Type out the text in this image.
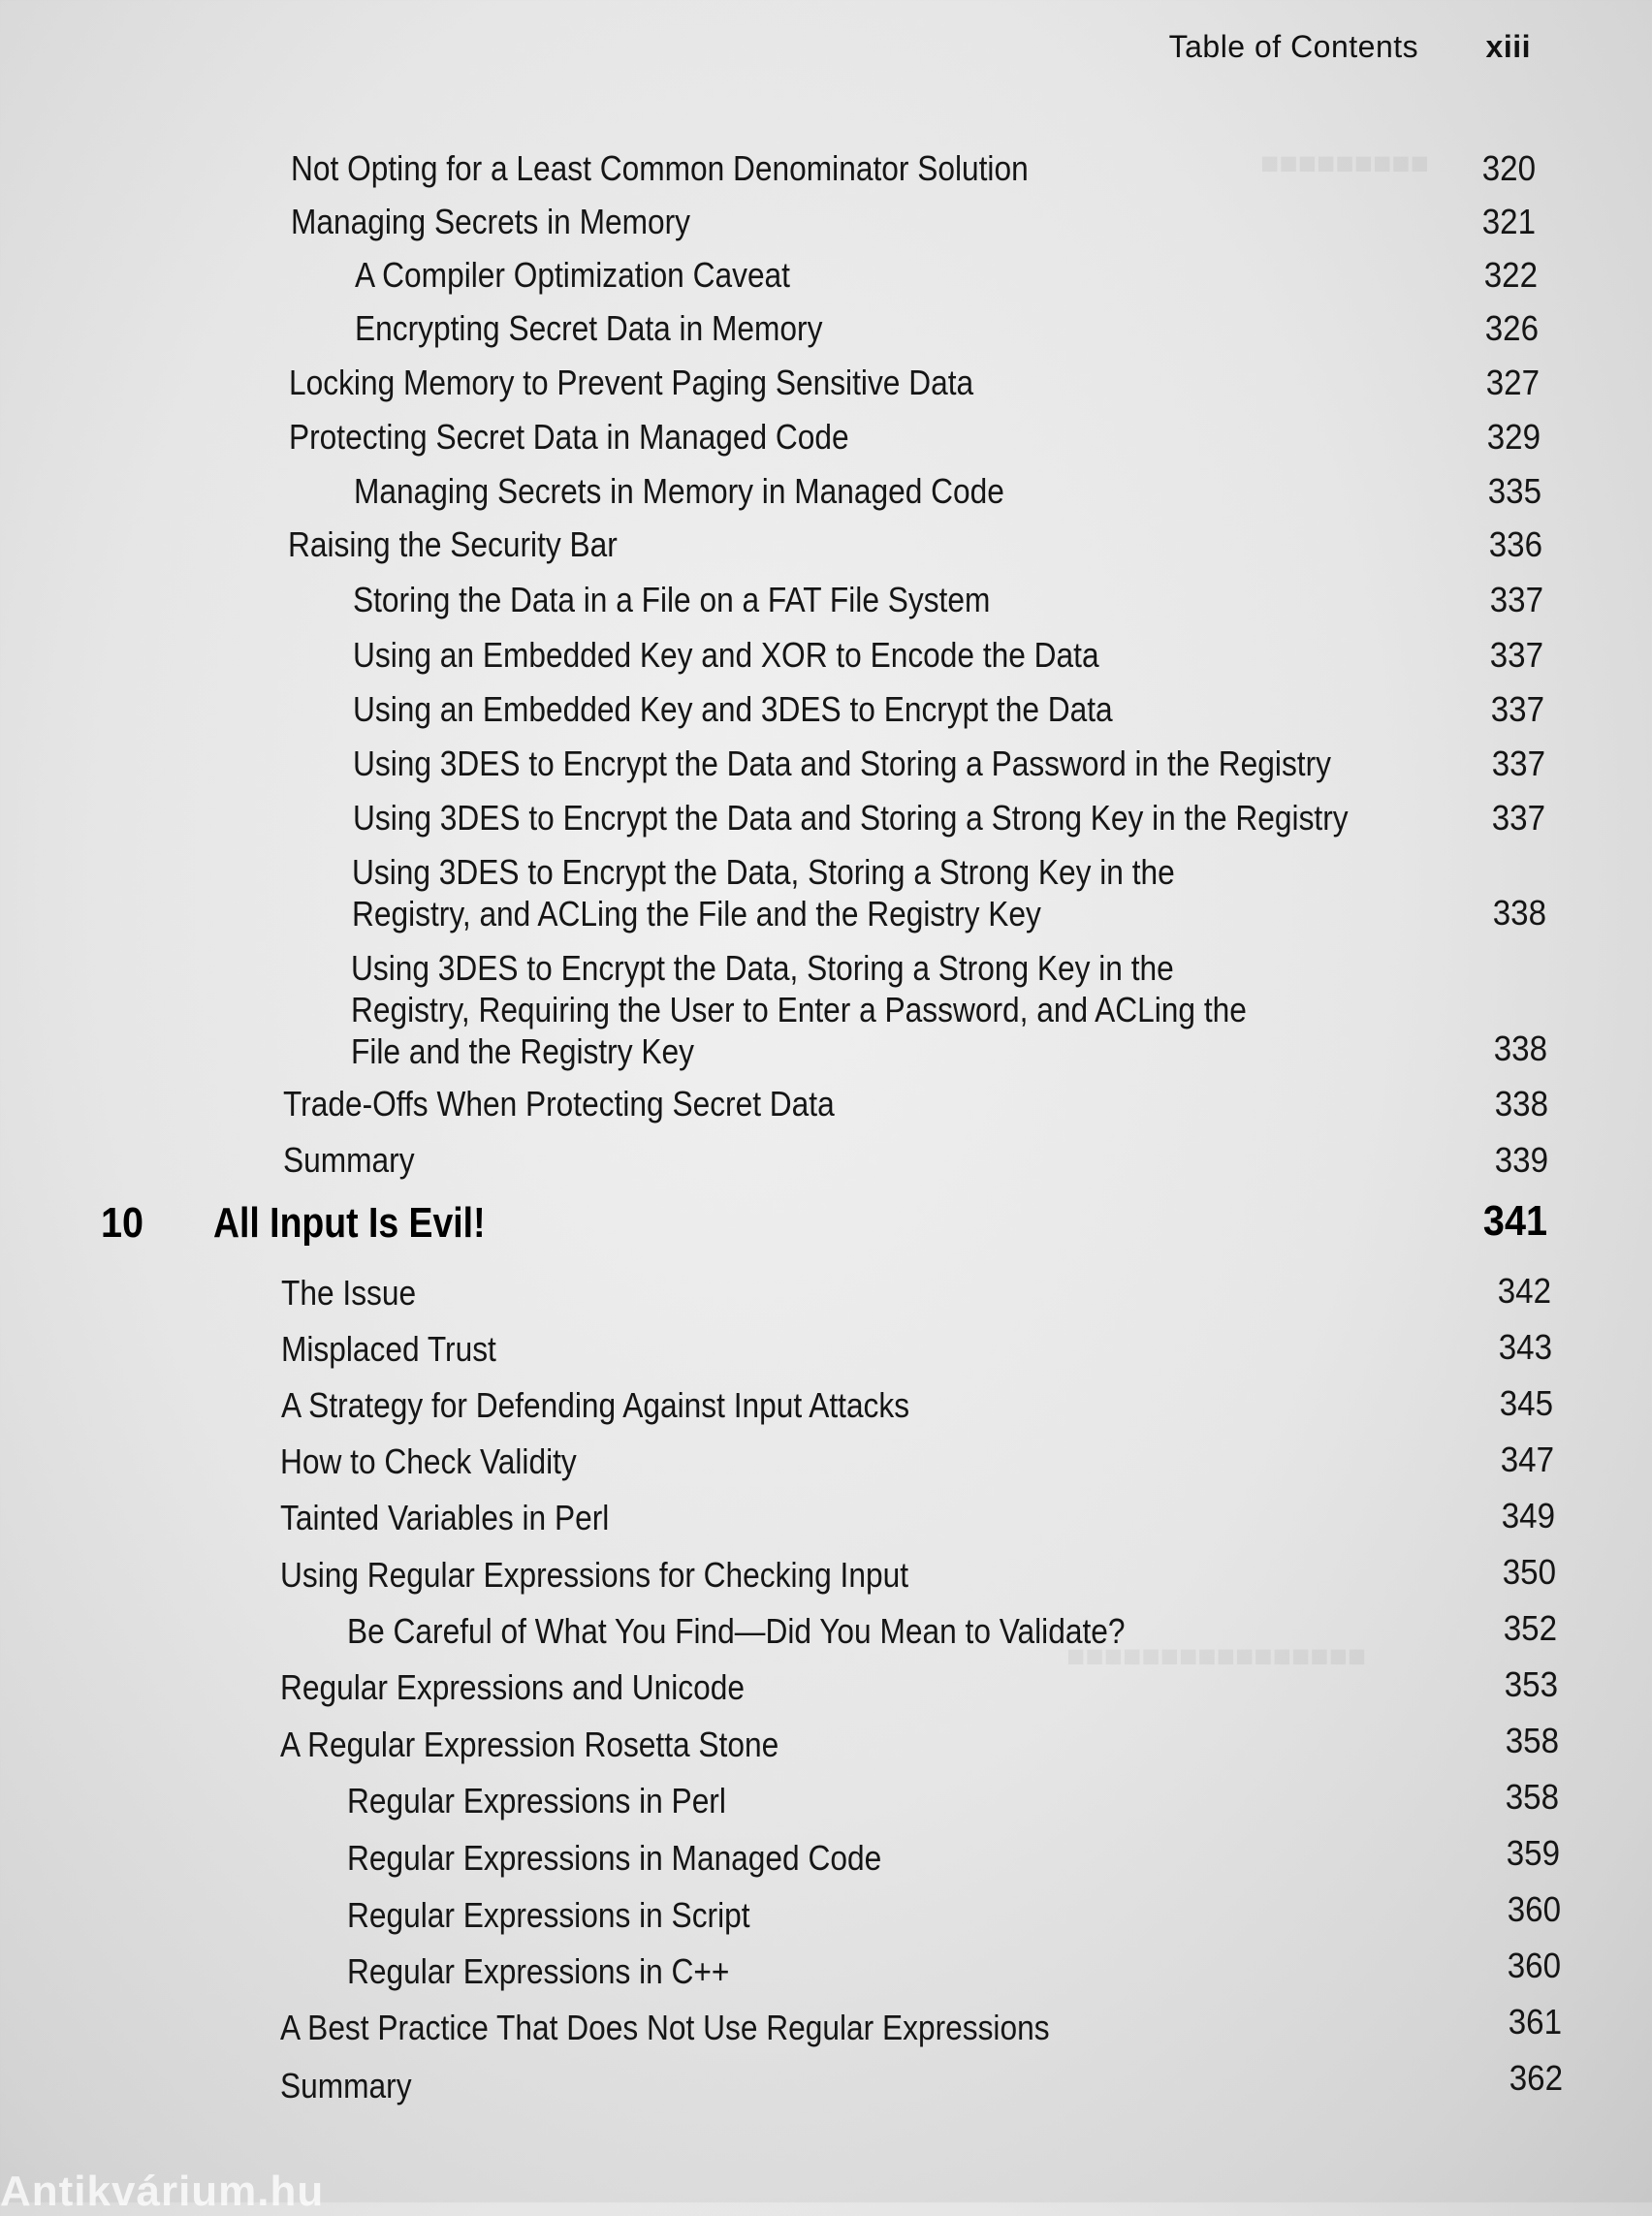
■■■■■■■■■
■■■■■■■■■■■■■■■■
Table of Contents xiii
Not Opting for a Least Common Denominator Solution	320
Managing Secrets in Memory	321
A Compiler Optimization Caveat	322
Encrypting Secret Data in Memory	326
Locking Memory to Prevent Paging Sensitive Data	327
Protecting Secret Data in Managed Code	329
Managing Secrets in Memory in Managed Code	335
Raising the Security Bar	336
Storing the Data in a File on a FAT File System	337
Using an Embedded Key and XOR to Encode the Data	337
Using an Embedded Key and 3DES to Encrypt the Data	337
Using 3DES to Encrypt the Data and Storing a Password in the Registry	337
Using 3DES to Encrypt the Data and Storing a Strong Key in the Registry	337
Using 3DES to Encrypt the Data, Storing a Strong Key in the Registry, and ACLing the File and the Registry Key	338
Using 3DES to Encrypt the Data, Storing a Strong Key in the Registry, Requiring the User to Enter a Password, and ACLing the File and the Registry Key	338
Trade-Offs When Protecting Secret Data	338
Summary	339
10 All Input Is Evil!	341
The Issue	342
Misplaced Trust	343
A Strategy for Defending Against Input Attacks	345
How to Check Validity	347
Tainted Variables in Perl	349
Using Regular Expressions for Checking Input	350
Be Careful of What You Find—Did You Mean to Validate?	352
Regular Expressions and Unicode	353
A Regular Expression Rosetta Stone	358
Regular Expressions in Perl	358
Regular Expressions in Managed Code	359
Regular Expressions in Script	360
Regular Expressions in C++	360
A Best Practice That Does Not Use Regular Expressions	361
Summary	362
Antikvárium.hu
